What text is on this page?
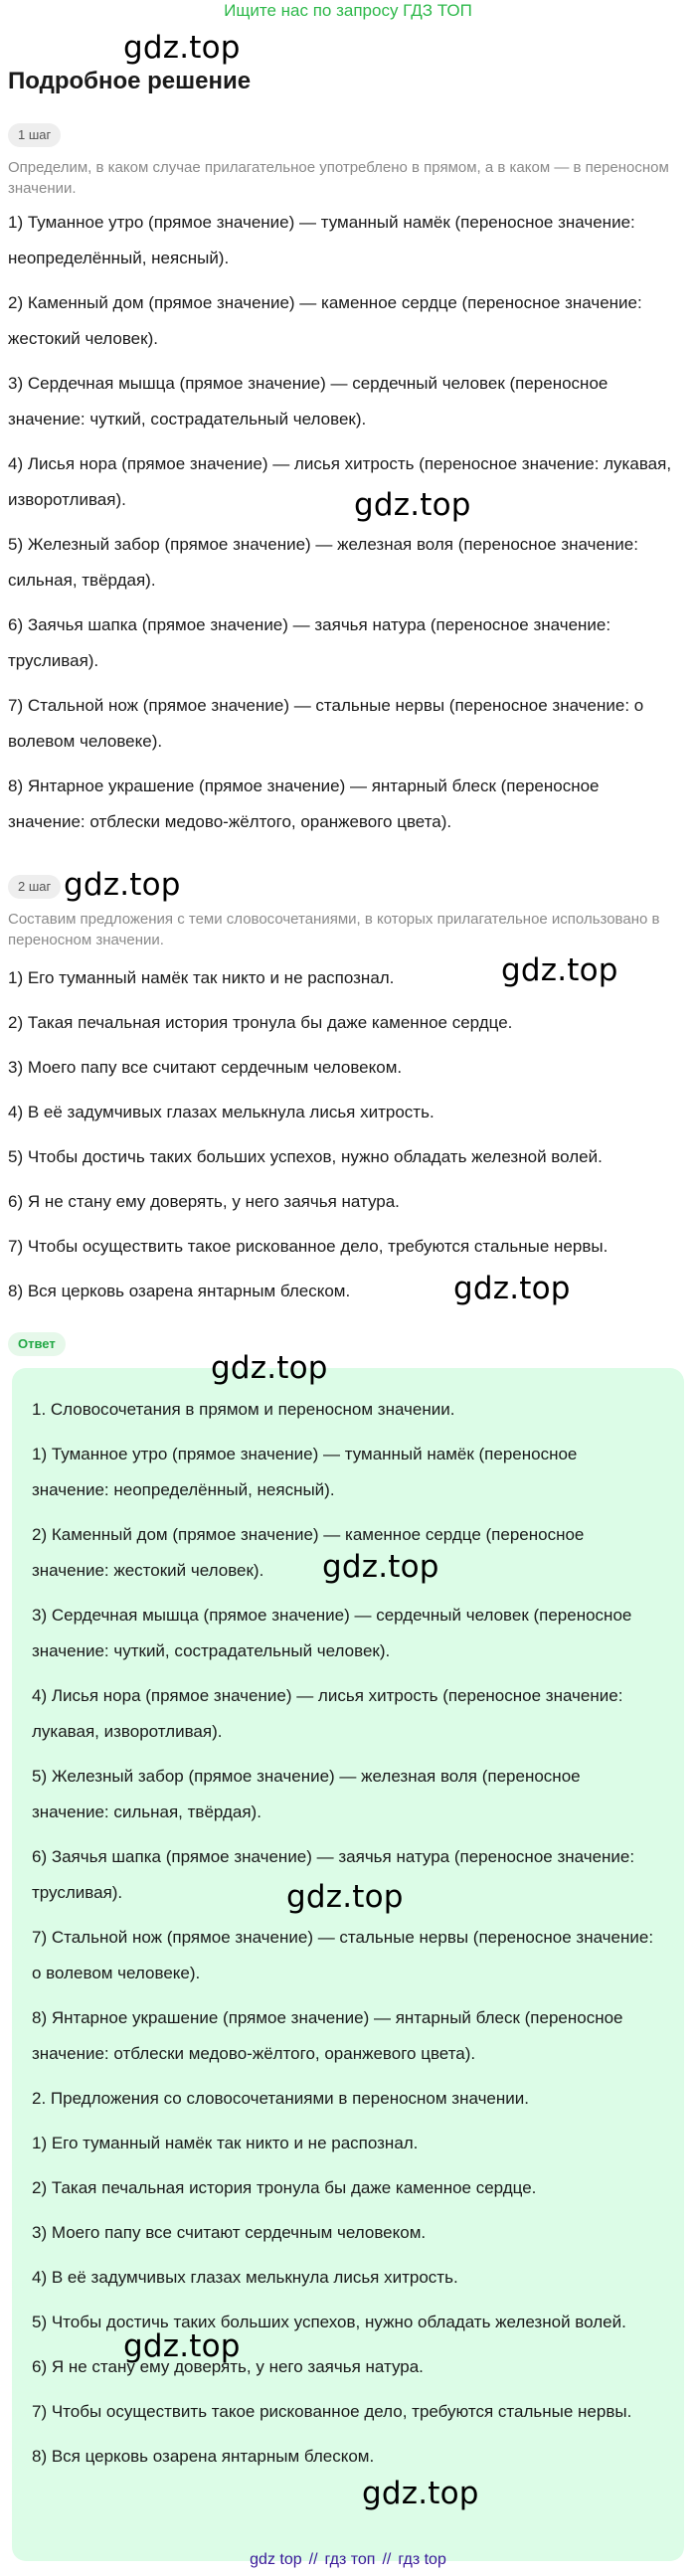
Ищите нас по запросу ГДЗ ТОП
Подробное решение
1 шаг
Определим, в каком случае прилагательное употреблено в прямом, а в каком — в переносном значении.
1) Туманное утро (прямое значение) — туманный намёк (переносное значение: неопределённый, неясный).
2) Каменный дом (прямое значение) — каменное сердце (переносное значение: жестокий человек).
3) Сердечная мышца (прямое значение) — сердечный человек (переносное значение: чуткий, сострадательный человек).
4) Лисья нора (прямое значение) — лисья хитрость (переносное значение: лукавая, изворотливая).
5) Железный забор (прямое значение) — железная воля (переносное значение: сильная, твёрдая).
6) Заячья шапка (прямое значение) — заячья натура (переносное значение: трусливая).
7) Стальной нож (прямое значение) — стальные нервы (переносное значение: о волевом человеке).
8) Янтарное украшение (прямое значение) — янтарный блеск (переносное значение: отблески медово-жёлтого, оранжевого цвета).
2 шаг
Составим предложения с теми словосочетаниями, в которых прилагательное использовано в переносном значении.
1) Его туманный намёк так никто и не распознал.
2) Такая печальная история тронула бы даже каменное сердце.
3) Моего папу все считают сердечным человеком.
4) В её задумчивых глазах мелькнула лисья хитрость.
5) Чтобы достичь таких больших успехов, нужно обладать железной волей.
6) Я не стану ему доверять, у него заячья натура.
7) Чтобы осуществить такое рискованное дело, требуются стальные нервы.
8) Вся церковь озарена янтарным блеском.
Ответ
1. Словосочетания в прямом и переносном значении.
1) Туманное утро (прямое значение) — туманный намёк (переносное значение: неопределённый, неясный).
2) Каменный дом (прямое значение) — каменное сердце (переносное значение: жестокий человек).
3) Сердечная мышца (прямое значение) — сердечный человек (переносное значение: чуткий, сострадательный человек).
4) Лисья нора (прямое значение) — лисья хитрость (переносное значение: лукавая, изворотливая).
5) Железный забор (прямое значение) — железная воля (переносное значение: сильная, твёрдая).
6) Заячья шапка (прямое значение) — заячья натура (переносное значение: трусливая).
7) Стальной нож (прямое значение) — стальные нервы (переносное значение: о волевом человеке).
8) Янтарное украшение (прямое значение) — янтарный блеск (переносное значение: отблески медово-жёлтого, оранжевого цвета).
2. Предложения со словосочетаниями в переносном значении.
1) Его туманный намёк так никто и не распознал.
2) Такая печальная история тронула бы даже каменное сердце.
3) Моего папу все считают сердечным человеком.
4) В её задумчивых глазах мелькнула лисья хитрость.
5) Чтобы достичь таких больших успехов, нужно обладать железной волей.
6) Я не стану ему доверять, у него заячья натура.
7) Чтобы осуществить такое рискованное дело, требуются стальные нервы.
8) Вся церковь озарена янтарным блеском.
gdz.top
gdz.top
gdz.top
gdz.top
gdz.top
gdz.top
gdz.top
gdz.top
gdz.top
gdz.top
gdz top // гдз топ // гдз top
